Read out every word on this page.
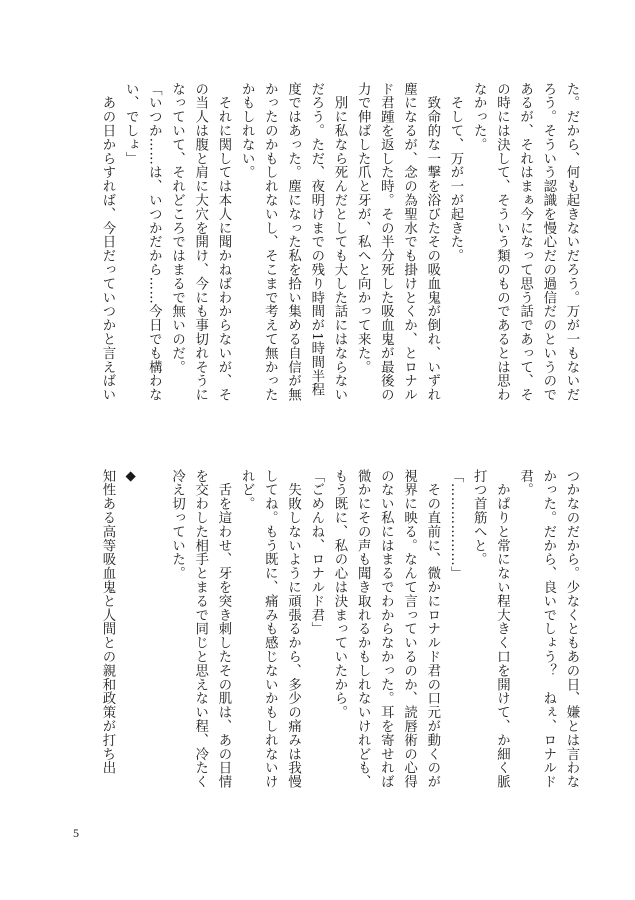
た。だから、何も起きないだろう。万が一もないだ

ろう。そういう認識を慢心だの過信だのというので

あるが、それはまぁ今になって思う話であって、そ

の時には決して、そういう類のものであるとは思わ

なかった。

　そして、万が一が起きた。

　致命的な一撃を浴びたその吸血鬼が倒れ、いずれ

塵になるが、念の為聖水でも掛けとくか、とロナル

ド君踵を返した時。その半分死した吸血鬼が最後の

力で伸ばした爪と牙が、私へと向かって来た。

　別に私なら死んだとしても大した話にはならない

だろう。ただ、夜明けまでの残り時間が1時間半程

度ではあった。塵になった私を拾い集める自信が無

かったのかもしれないし、そこまで考えて無かった

かもしれない。

　それに関しては本人に聞かねばわからないが、そ

の当人は腹と肩に大穴を開け、今にも事切れそうに

なっていて、それどころではまるで無いのだ。

「いつか……は、いつかだから……今日でも構わな

い、でしょ」

　あの日からすれば、今日だっていつかと言えばい

つかなのだから。少なくともあの日、嫌とは言わな

かった。だから、良いでしょう？　ねぇ、ロナルド

君。

　かぱりと常にない程大きく口を開けて、か細く脈

打つ首筋へと。

「………………」

　その直前に、微かにロナルド君の口元が動くのが

視界に映る。なんて言っているのか、読唇術の心得

のない私にはまるでわからなかった。耳を寄せれば

微かにその声も聞き取れるかもしれないけれども、

もう既に、私の心は決まっていたから。

「ごめんね、ロナルド君」

　失敗しないように頑張るから、多少の痛みは我慢

してね。もう既に、痛みも感じないかもしれないけ

れど。

　舌を這わせ、牙を突き刺したその肌は、あの日情

を交わした相手とまるで同じと思えない程、冷たく

冷え切っていた。

◆

知性ある高等吸血鬼と人間との親和政策が打ち出

5
